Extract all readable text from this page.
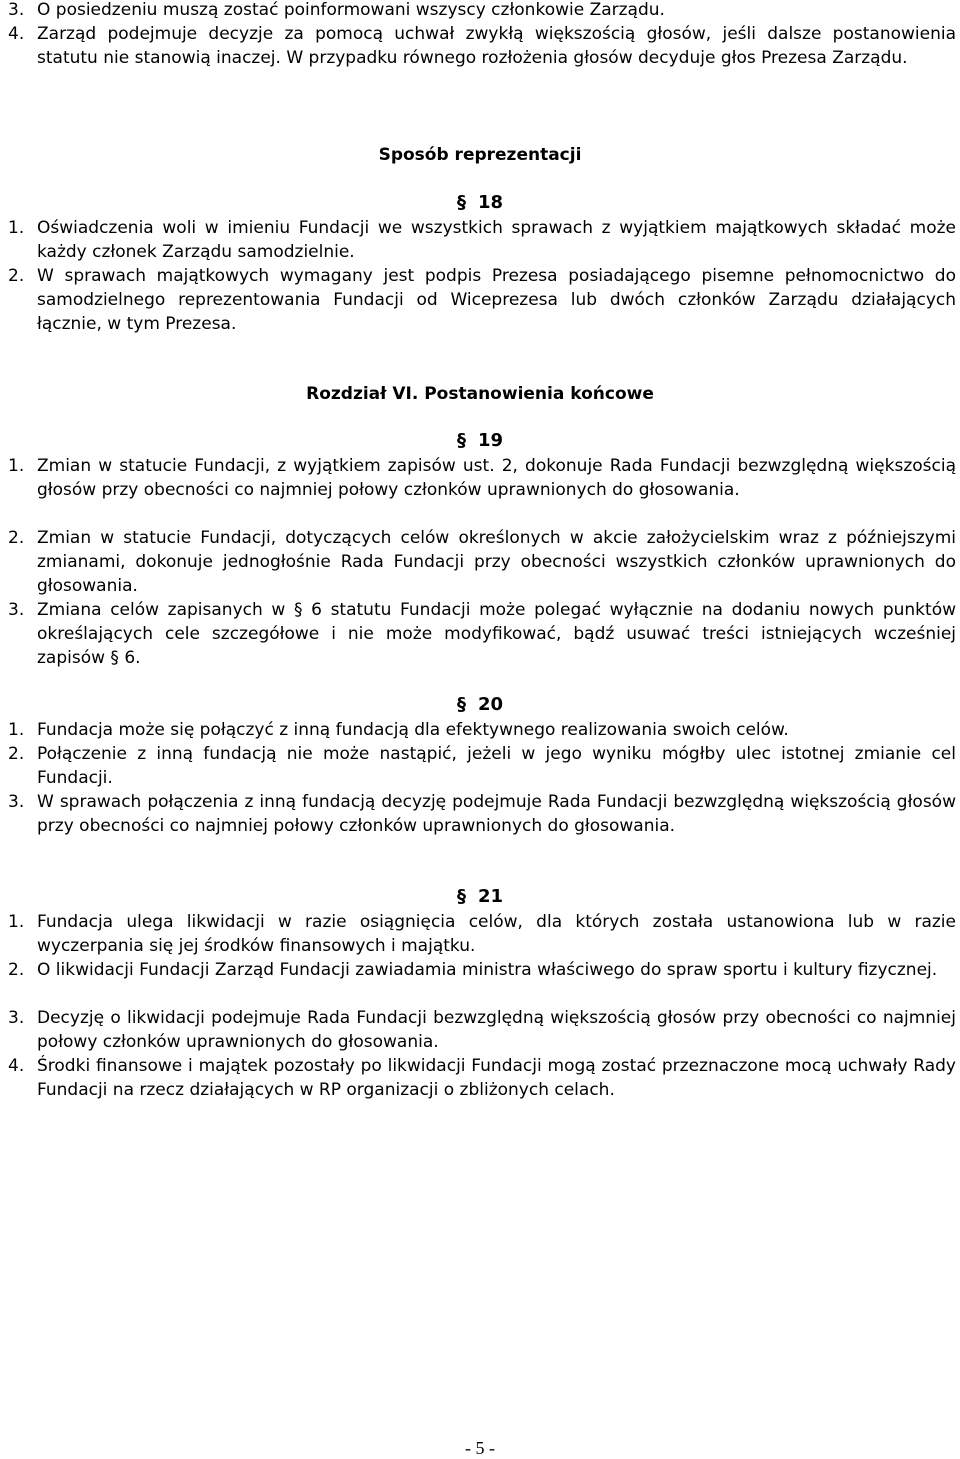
3. O posiedzeniu muszą zostać poinformowani wszyscy członkowie Zarządu.
4. Zarząd podejmuje decyzje za pomocą uchwał zwykłą większością głosów, jeśli dalsze postanowienia statutu nie stanowią inaczej. W przypadku równego rozłożenia głosów decyduje głos Prezesa Zarządu.
Sposób reprezentacji
§ 18
1. Oświadczenia woli w imieniu Fundacji we wszystkich sprawach z wyjątkiem majątkowych składać może każdy członek Zarządu samodzielnie.
2. W sprawach majątkowych wymagany jest podpis Prezesa posiadającego pisemne pełnomocnictwo do samodzielnego reprezentowania Fundacji od Wiceprezesa lub dwóch członków Zarządu działających łącznie, w tym Prezesa.
Rozdział VI. Postanowienia końcowe
§ 19
1. Zmian w statucie Fundacji, z wyjątkiem zapisów ust. 2, dokonuje Rada Fundacji bezwzględną większością głosów przy obecności co najmniej połowy członków uprawnionych do głosowania.
2. Zmian w statucie Fundacji, dotyczących celów określonych w akcie założycielskim wraz z późniejszymi zmianami, dokonuje jednogłośnie Rada Fundacji przy obecności wszystkich członków uprawnionych do głosowania.
3. Zmiana celów zapisanych w § 6 statutu Fundacji może polegać wyłącznie na dodaniu nowych punktów określających cele szczegółowe i nie może modyfikować, bądź usuwać treści istniejących wcześniej zapisów § 6.
§ 20
1. Fundacja może się połączyć z inną fundacją dla efektywnego realizowania swoich celów.
2. Połączenie z inną fundacją nie może nastąpić, jeżeli w jego wyniku mógłby ulec istotnej zmianie cel Fundacji.
3. W sprawach połączenia z inną fundacją decyzję podejmuje Rada Fundacji bezwzględną większością głosów przy obecności co najmniej połowy członków uprawnionych do głosowania.
§ 21
1. Fundacja ulega likwidacji w razie osiągnięcia celów, dla których została ustanowiona lub w razie wyczerpania się jej środków finansowych i majątku.
2. O likwidacji Fundacji Zarząd Fundacji zawiadamia ministra właściwego do spraw sportu i kultury fizycznej.
3. Decyzję o likwidacji podejmuje Rada Fundacji bezwzględną większością głosów przy obecności co najmniej połowy członków uprawnionych do głosowania.
4. Środki finansowe i majątek pozostały po likwidacji Fundacji mogą zostać przeznaczone mocą uchwały Rady Fundacji na rzecz działających w RP organizacji o zbliżonych celach.
- 5 -
